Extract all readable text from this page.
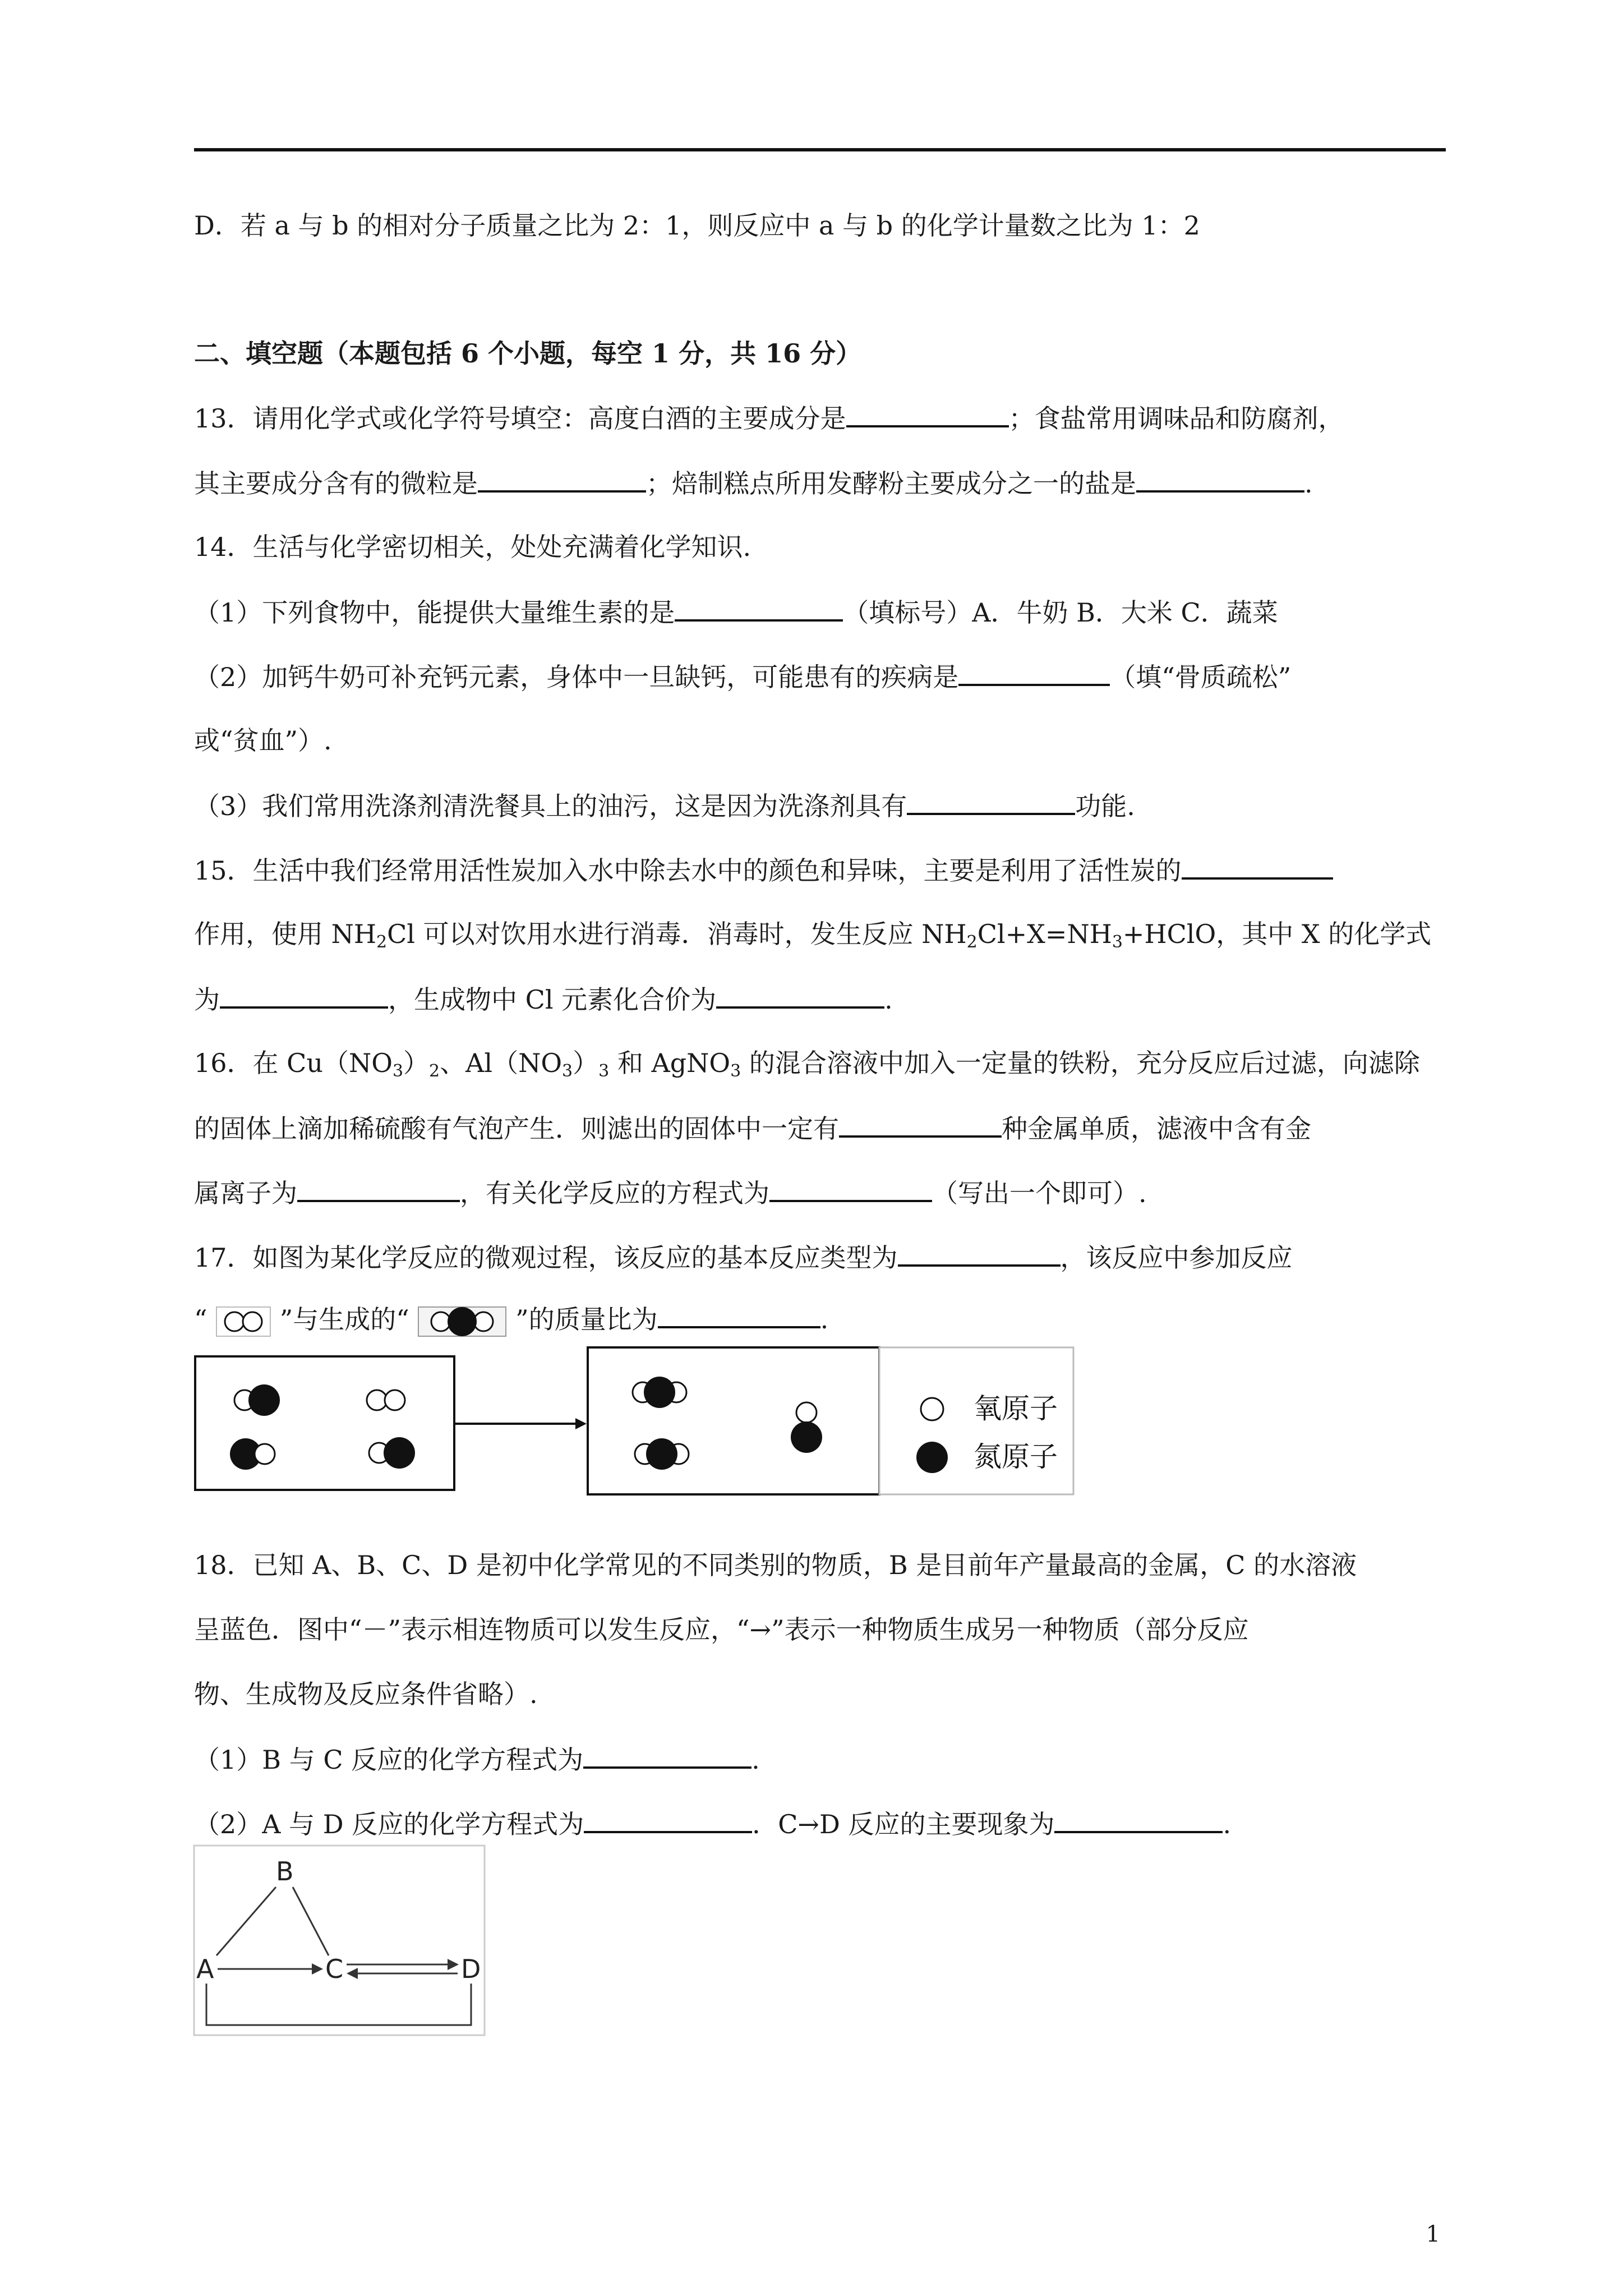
D．若 a 与 b 的相对分子质量之比为 2：1，则反应中 a 与 b 的化学计量数之比为 1：2
二、填空题（本题包括 6 个小题，每空 1 分，共 16 分）
13．请用化学式或化学符号填空：高度白酒的主要成分是	；食盐常用调味品和防腐剂，
其主要成分含有的微粒是	；焙制糕点所用发酵粉主要成分之一的盐是	.
14．生活与化学密切相关，处处充满着化学知识.
（1）下列食物中，能提供大量维生素的是	（填标号）A．牛奶 B．大米 C．蔬菜
（2）加钙牛奶可补充钙元素，身体中一旦缺钙，可能患有的疾病是	（填“骨质疏松”
或“贫血”）.
（3）我们常用洗涤剂清洗餐具上的油污，这是因为洗涤剂具有	功能.
15．生活中我们经常用活性炭加入水中除去水中的颜色和异味，主要是利用了活性炭的
作用，使用 $NH_2Cl$ 可以对饮用水进行消毒．消毒时，发生反应 $NH_2Cl+X=NH_3+HClO$，其中 X 的化学式
为	，生成物中 Cl 元素化合价为	.
16．在 $Cu(NO_3)_2$、$Al(NO_3)_3$ 和 AgNO$_3$ 的混合溶液中加入一定量的铁粉，充分反应后过滤，向滤除
的固体上滴加稀硫酸有气泡产生．则滤出的固体中一定有	种金属单质，滤液中含有金
属离子为	，有关化学反应的方程式为	（写出一个即可）.
17．如图为某化学反应的微观过程，该反应的基本反应类型为	，该反应中参加反应
“	”与生成的“	”的质量比为	.
氧原子
氮原子
18．已知 A、B、C、D 是初中化学常见的不同类别的物质，B 是目前年产量最高的金属，C 的水溶液
呈蓝色．图中“－”表示相连物质可以发生反应，“→”表示一种物质生成另一种物质（部分反应
物、生成物及反应条件省略）.
（1）B 与 C 反应的化学方程式为	.
（2）A 与 D 反应的化学方程式为	．C→D 反应的主要现象为	.
B
A	C	D
1
